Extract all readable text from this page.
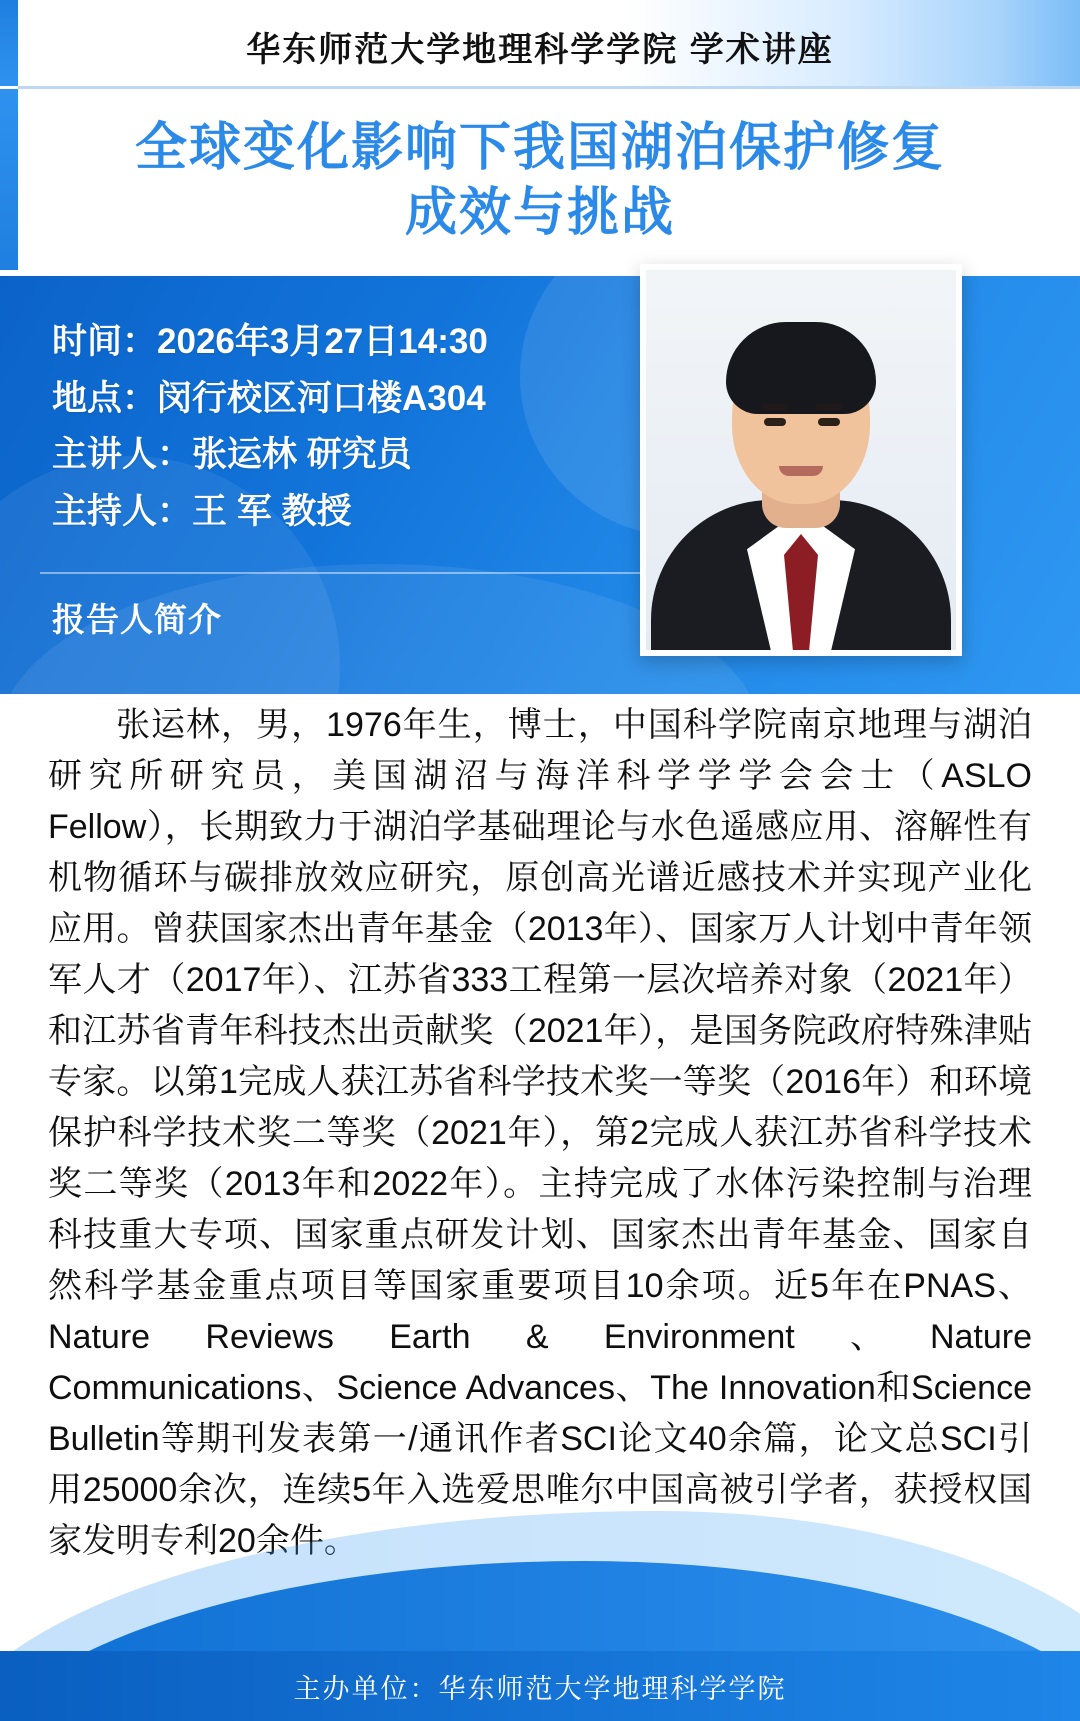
华东师范大学地理科学学院 学术讲座
全球变化影响下我国湖泊保护修复
成效与挑战
时间：2026年3月27日14:30
地点：闵行校区河口楼A304
主讲人：张运林 研究员
主持人：王 军 教授
报告人简介
张运林，男，1976年生，博士，中国科学院南京地理与湖泊研究所研究员，美国湖沼与海洋科学学学会会士（ASLO Fellow），长期致力于湖泊学基础理论与水色遥感应用、溶解性有机物循环与碳排放效应研究，原创高光谱近感技术并实现产业化应用。曾获国家杰出青年基金（2013年）、国家万人计划中青年领军人才（2017年）、江苏省333工程第一层次培养对象（2021年）和江苏省青年科技杰出贡献奖（2021年），是国务院政府特殊津贴专家。以第1完成人获江苏省科学技术奖一等奖（2016年）和环境保护科学技术奖二等奖（2021年），第2完成人获江苏省科学技术奖二等奖（2013年和2022年）。主持完成了水体污染控制与治理科技重大专项、国家重点研发计划、国家杰出青年基金、国家自然科学基金重点项目等国家重要项目10余项。近5年在PNAS、Nature Reviews Earth & Environment 、Nature Communications、Science Advances、The Innovation和Science Bulletin等期刊发表第一/通讯作者SCI论文40余篇，论文总SCI引用25000余次，连续5年入选爱思唯尔中国高被引学者，获授权国家发明专利20余件。
主办单位：华东师范大学地理科学学院
